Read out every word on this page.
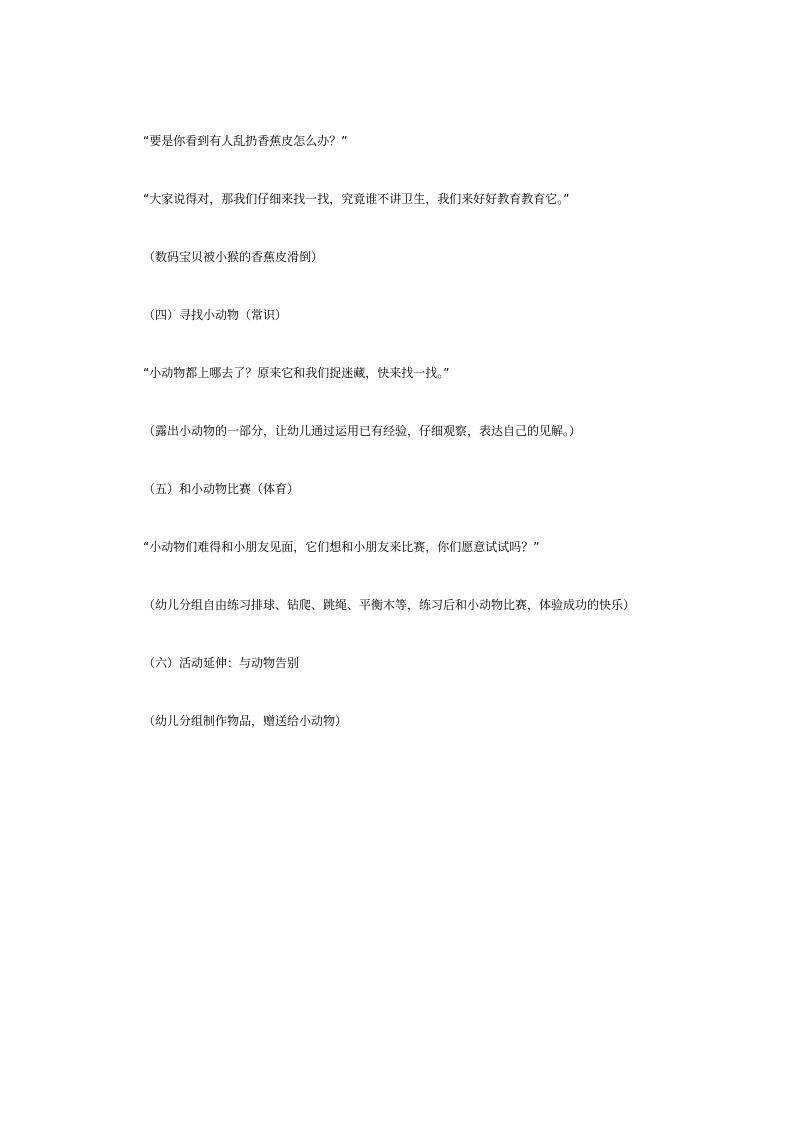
“要是你看到有人乱扔香蕉皮怎么办？”

“大家说得对，那我们仔细来找一找，究竟谁不讲卫生，我们来好好教育教育它。”

（数码宝贝被小猴的香蕉皮滑倒）

（四）寻找小动物（常识）

“小动物都上哪去了？原来它和我们捉迷藏，快来找一找。”

（露出小动物的一部分，让幼儿通过运用已有经验，仔细观察，表达自己的见解。）

（五）和小动物比赛（体育）

“小动物们难得和小朋友见面，它们想和小朋友来比赛，你们愿意试试吗？”

（幼儿分组自由练习排球、钻爬、跳绳、平衡木等，练习后和小动物比赛，体验成功的快乐）

（六）活动延伸：与动物告别

（幼儿分组制作物品，赠送给小动物）
